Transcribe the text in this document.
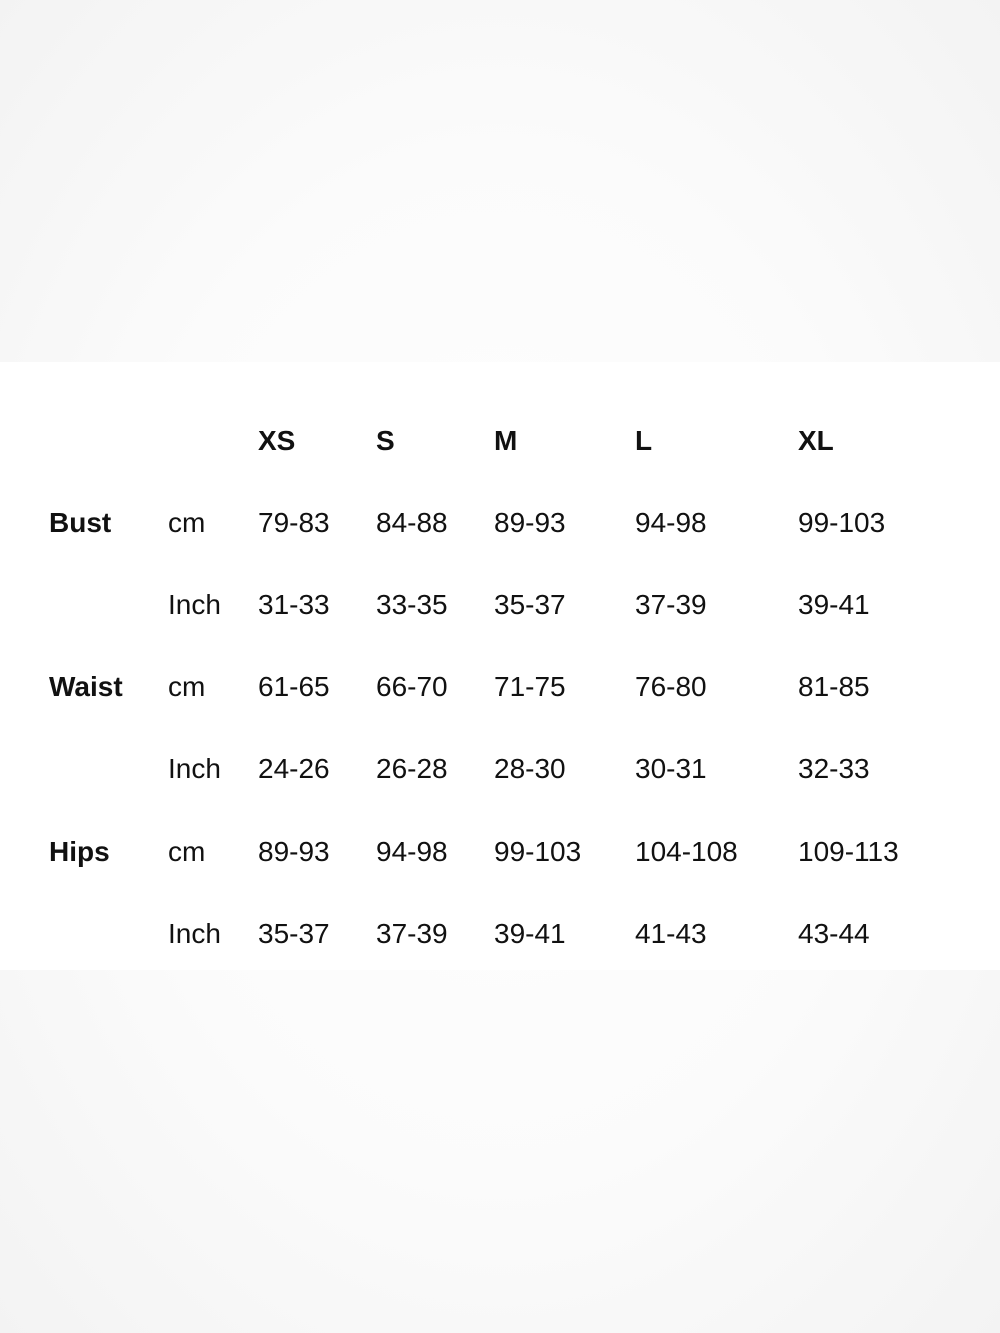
XS	S	M	L	XL
Bust cm 79-83 84-88 89-93 94-98	99-103
Inch 31-33 33-35 35-37 37-39	39-41
Waist cm 61-65 66-70 71-75 76-80	81-85
Inch 24-26 26-28 28-30 30-31	32-33
Hips cm 89-93 94-98 99-103 104-108 109-113
Inch 35-37 37-39 39-41 41-43	43-44
